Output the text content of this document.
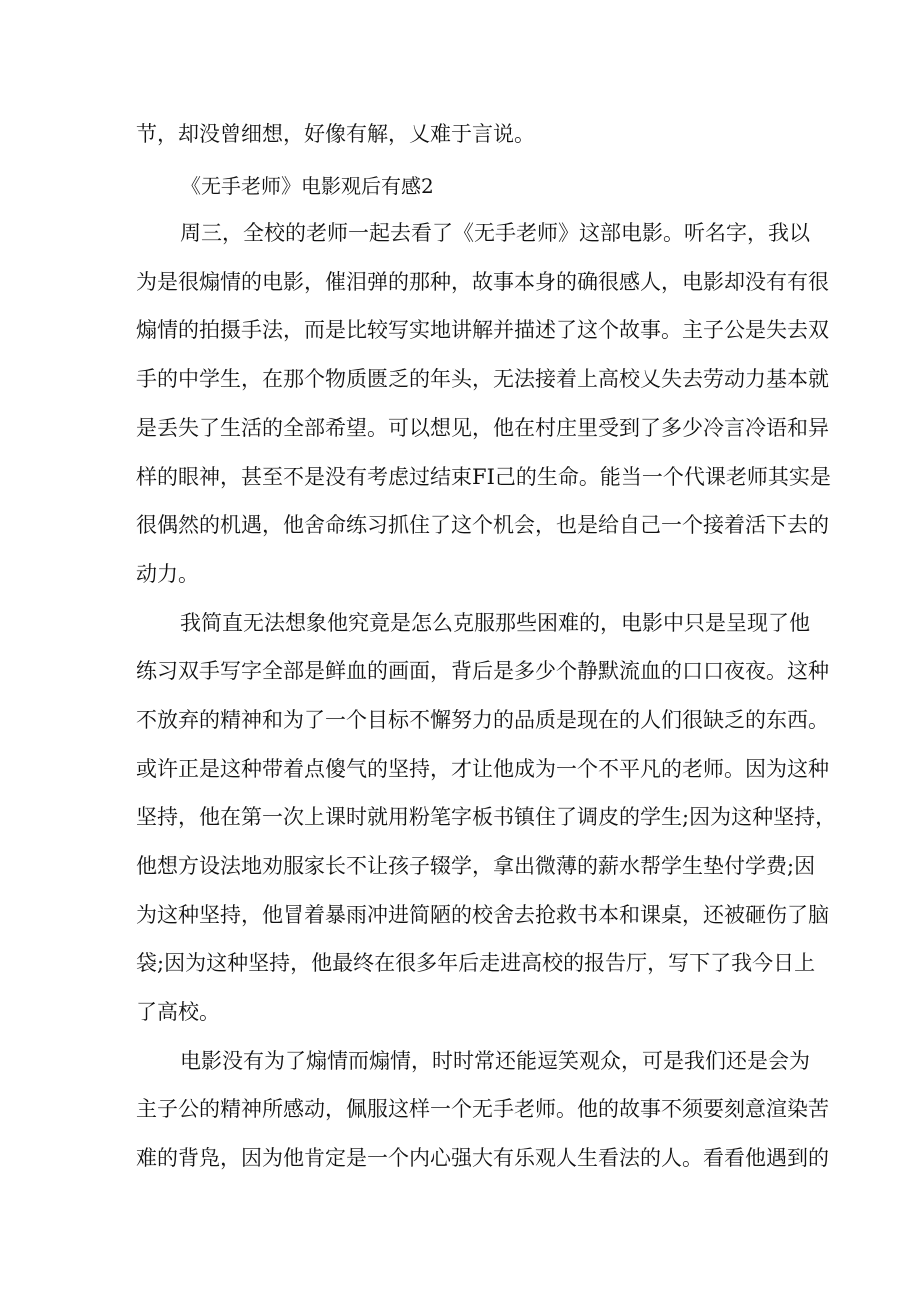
节，却没曾细想，好像有解，乂难于言说。
《无手老师》电影观后有感2
周三，全校的老师一起去看了《无手老师》这部电影。听名字，我以
为是很煽情的电影，催泪弹的那种，故事本身的确很感人，电影却没有有很
煽情的拍摄手法，而是比较写实地讲解并描述了这个故事。主子公是失去双
手的中学生，在那个物质匮乏的年头，无法接着上高校乂失去劳动力基本就
是丢失了生活的全部希望。可以想见，他在村庄里受到了多少冷言冷语和异
样的眼神，甚至不是没有考虑过结束FI己的生命。能当一个代课老师其实是
很偶然的机遇，他舍命练习抓住了这个机会，也是给自己一个接着活下去的
动力。
我简直无法想象他究竟是怎么克服那些困难的，电影中只是呈现了他
练习双手写字全部是鲜血的画面，背后是多少个静默流血的口口夜夜。这种
不放弃的精神和为了一个目标不懈努力的品质是现在的人们很缺乏的东西。
或许正是这种带着点傻气的坚持，才让他成为一个不平凡的老师。因为这种
坚持，他在第一次上课时就用粉笔字板书镇住了调皮的学生;因为这种坚持，
他想方设法地劝服家长不让孩子辍学，拿出微薄的薪水帮学生垫付学费;因
为这种坚持，他冒着暴雨冲进简陋的校舍去抢救书本和课桌，还被砸伤了脑
袋;因为这种坚持，他最终在很多年后走进高校的报告厅，写下了我今日上
了高校。
电影没有为了煽情而煽情，时时常还能逗笑观众，可是我们还是会为
主子公的精神所感动，佩服这样一个无手老师。他的故事不须要刻意渲染苦
难的背凫，因为他肯定是一个内心强大有乐观人生看法的人。看看他遇到的
